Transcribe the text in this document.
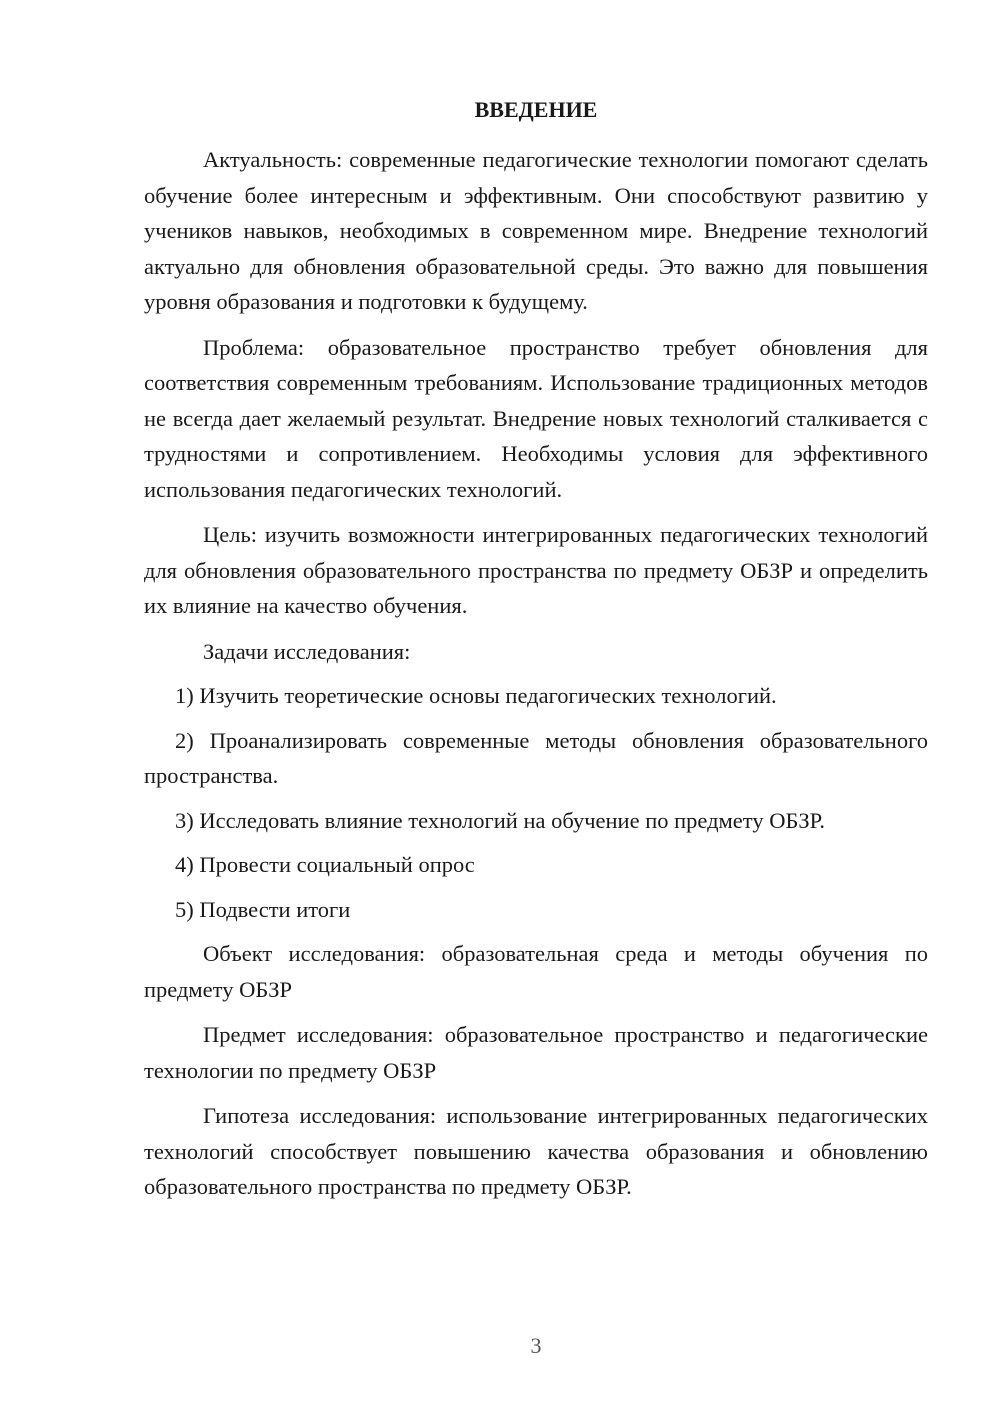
ВВЕДЕНИЕ

Актуальность: современные педагогические технологии помогают сделать обучение более интересным и эффективным. Они способствуют развитию у учеников навыков, необходимых в современном мире. Внедрение технологий актуально для обновления образовательной среды. Это важно для повышения уровня образования и подготовки к будущему.

Проблема: образовательное пространство требует обновления для соответствия современным требованиям. Использование традиционных методов не всегда дает желаемый результат. Внедрение новых технологий сталкивается с трудностями и сопротивлением. Необходимы условия для эффективного использования педагогических технологий.

Цель: изучить возможности интегрированных педагогических технологий для обновления образовательного пространства по предмету ОБЗР и определить их влияние на качество обучения.

Задачи исследования:

1) Изучить теоретические основы педагогических технологий.

2) Проанализировать современные методы обновления образовательного пространства.

3) Исследовать влияние технологий на обучение по предмету ОБЗР.

4) Провести социальный опрос

5) Подвести итоги

Объект исследования: образовательная среда и методы обучения по предмету ОБЗР

Предмет исследования: образовательное пространство и педагогические технологии по предмету ОБЗР

Гипотеза исследования: использование интегрированных педагогических технологий способствует повышению качества образования и обновлению образовательного пространства по предмету ОБЗР.

3
